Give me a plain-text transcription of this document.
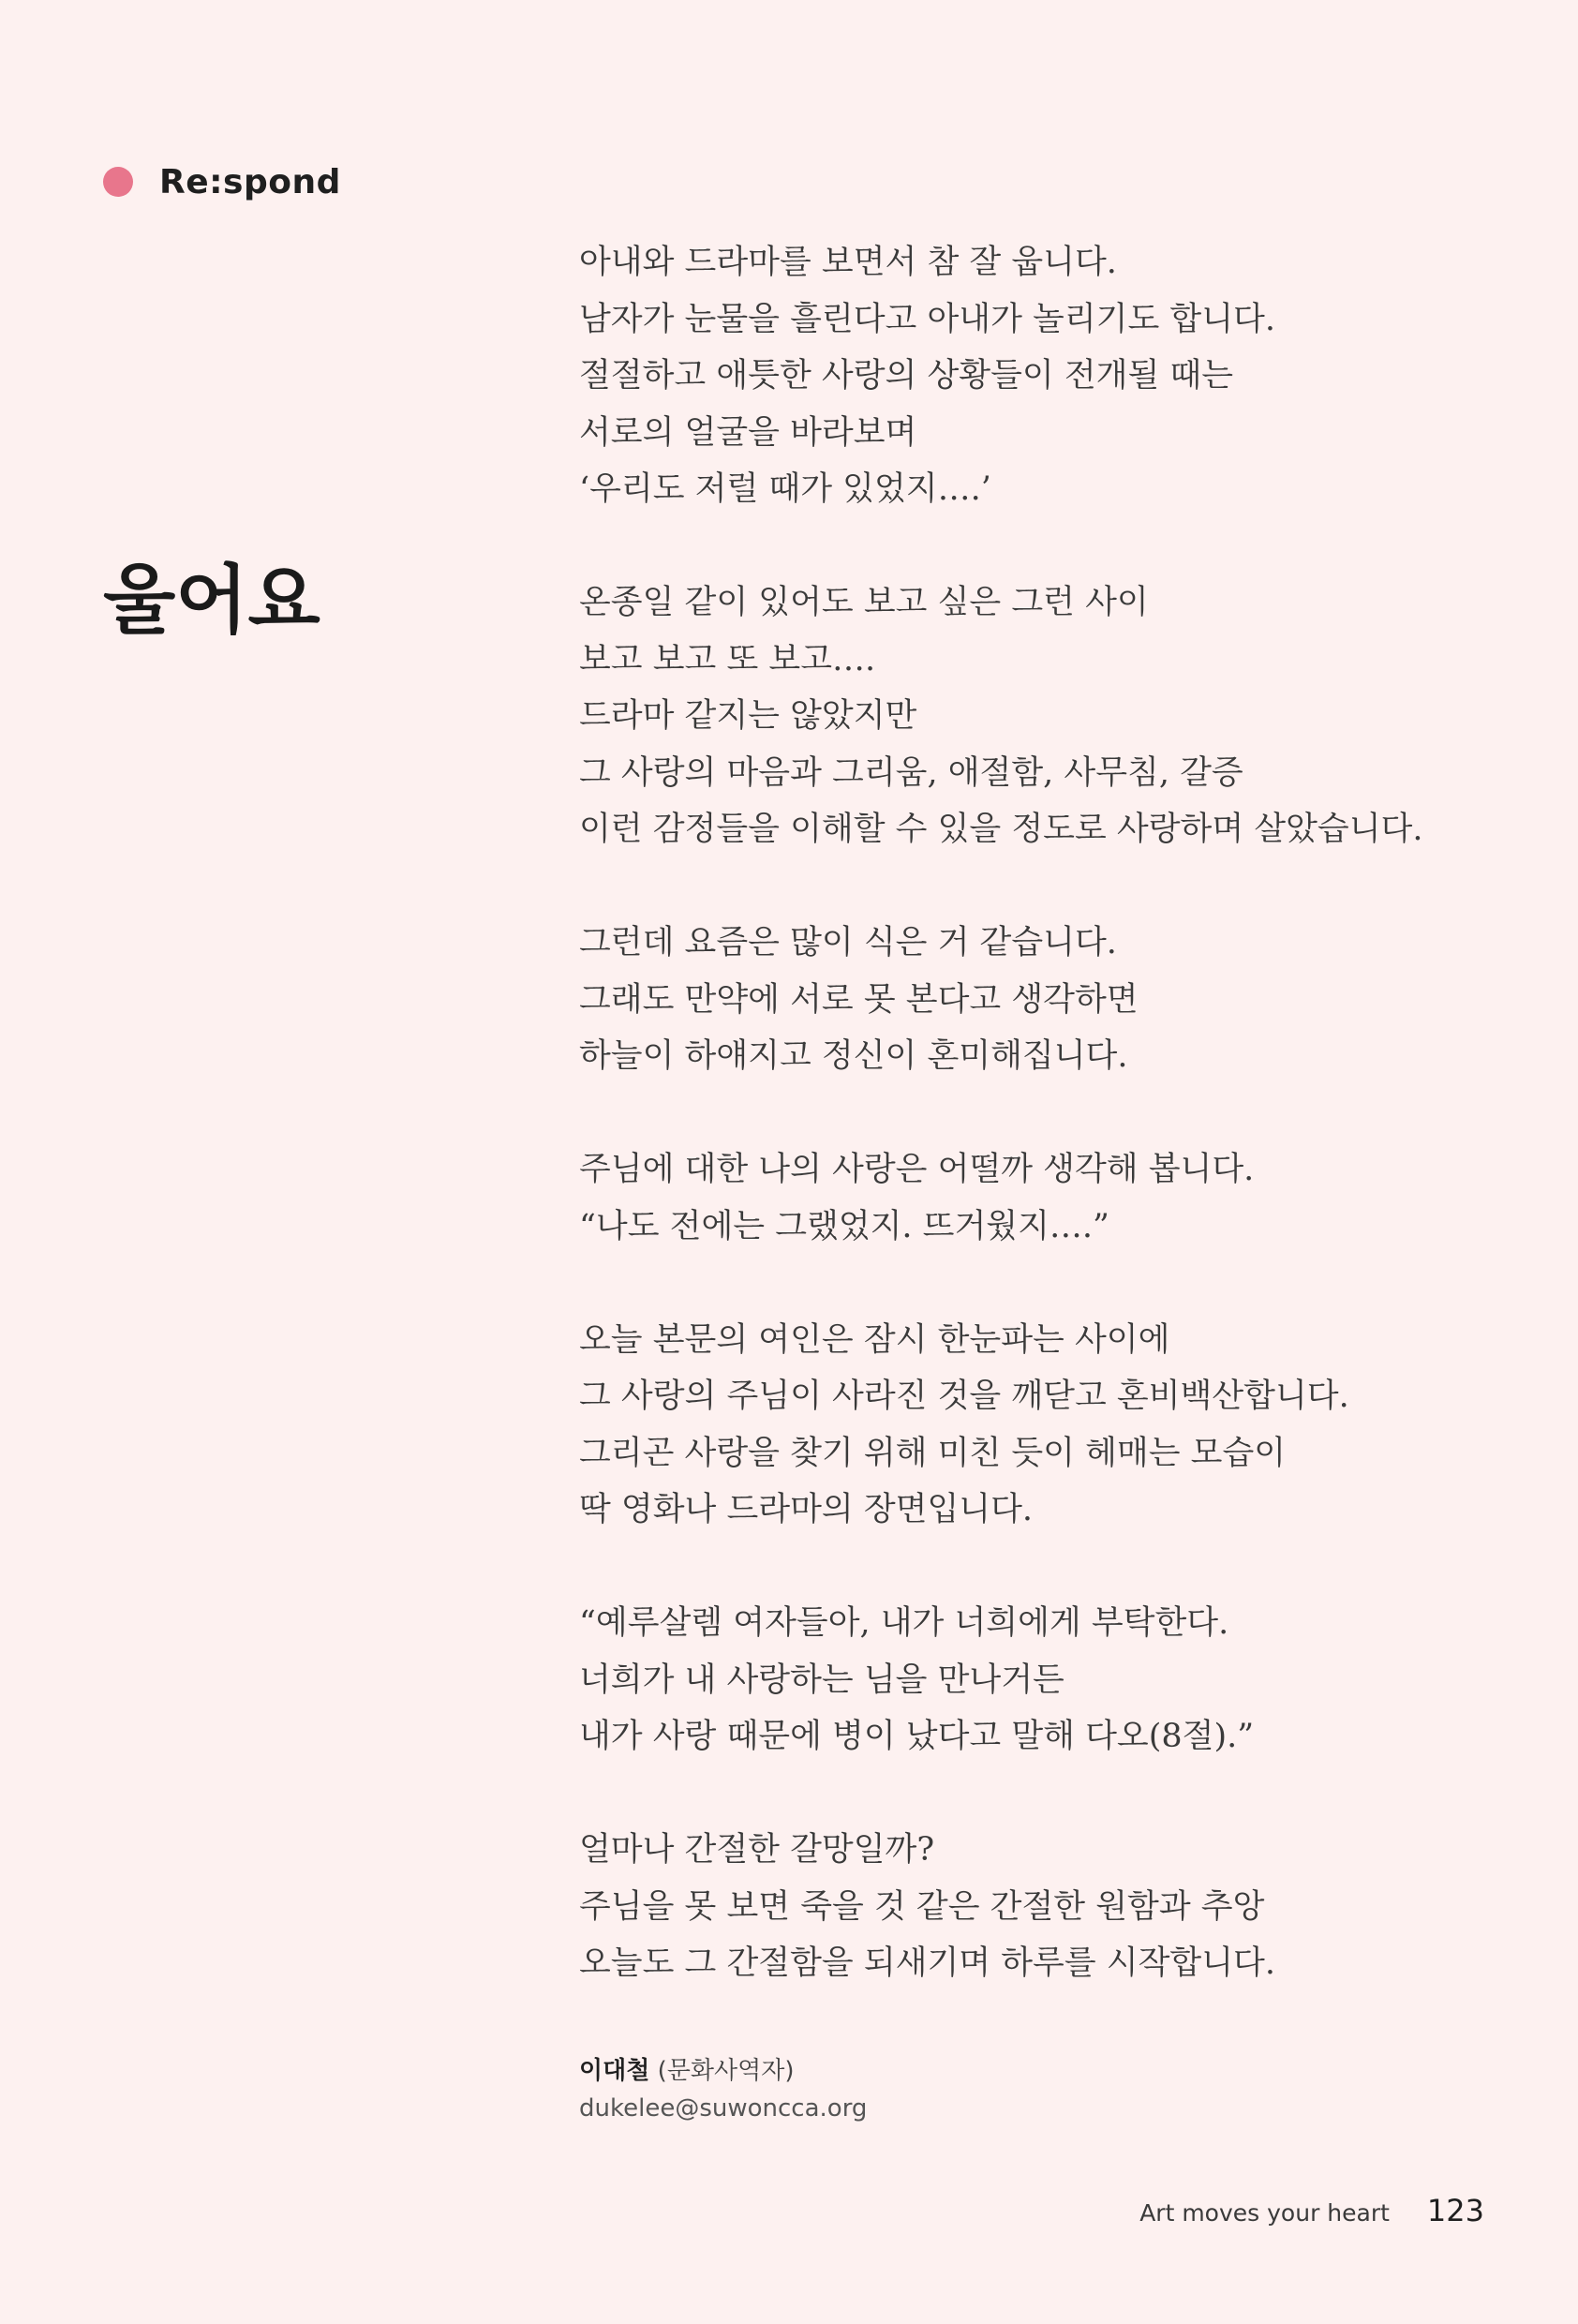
Re:spond
울어요

아내와 드라마를 보면서 참 잘 웁니다.
남자가 눈물을 흘린다고 아내가 놀리기도 합니다.
절절하고 애틋한 사랑의 상황들이 전개될 때는
서로의 얼굴을 바라보며
‘우리도 저럴 때가 있었지….’

온종일 같이 있어도 보고 싶은 그런 사이
보고 보고 또 보고….
드라마 같지는 않았지만
그 사랑의 마음과 그리움, 애절함, 사무침, 갈증
이런 감정들을 이해할 수 있을 정도로 사랑하며 살았습니다.

그런데 요즘은 많이 식은 거 같습니다.
그래도 만약에 서로 못 본다고 생각하면
하늘이 하얘지고 정신이 혼미해집니다.

주님에 대한 나의 사랑은 어떨까 생각해 봅니다.
“나도 전에는 그랬었지. 뜨거웠지….”

오늘 본문의 여인은 잠시 한눈파는 사이에
그 사랑의 주님이 사라진 것을 깨닫고 혼비백산합니다.
그리곤 사랑을 찾기 위해 미친 듯이 헤매는 모습이
딱 영화나 드라마의 장면입니다.

“예루살렘 여자들아, 내가 너희에게 부탁한다.
너희가 내 사랑하는 님을 만나거든
내가 사랑 때문에 병이 났다고 말해 다오(8절).”

얼마나 간절한 갈망일까?
주님을 못 보면 죽을 것 같은 간절한 원함과 추앙
오늘도 그 간절함을 되새기며 하루를 시작합니다.

이대철 (문화사역자)
dukelee@suwoncca.org
Art moves your heart 123
